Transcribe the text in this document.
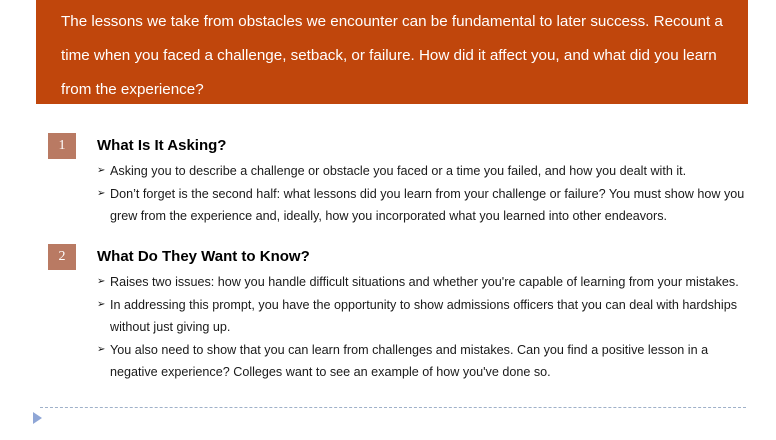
The lessons we take from obstacles we encounter can be fundamental to later success. Recount a time when you faced a challenge, setback, or failure. How did it affect you, and what did you learn from the experience?
1	What Is It Asking?
➢ Asking you to describe a challenge or obstacle you faced or a time you failed, and how you dealt with it.
➢ Don’t forget is the second half: what lessons did you learn from your challenge or failure? You must show how you grew from the experience and, ideally, how you incorporated what you learned into other endeavors.
2	What Do They Want to Know?
➢ Raises two issues: how you handle difficult situations and whether you're capable of learning from your mistakes.
➢ In addressing this prompt, you have the opportunity to show admissions officers that you can deal with hardships without just giving up.
➢ You also need to show that you can learn from challenges and mistakes. Can you find a positive lesson in a negative experience? Colleges want to see an example of how you've done so.
